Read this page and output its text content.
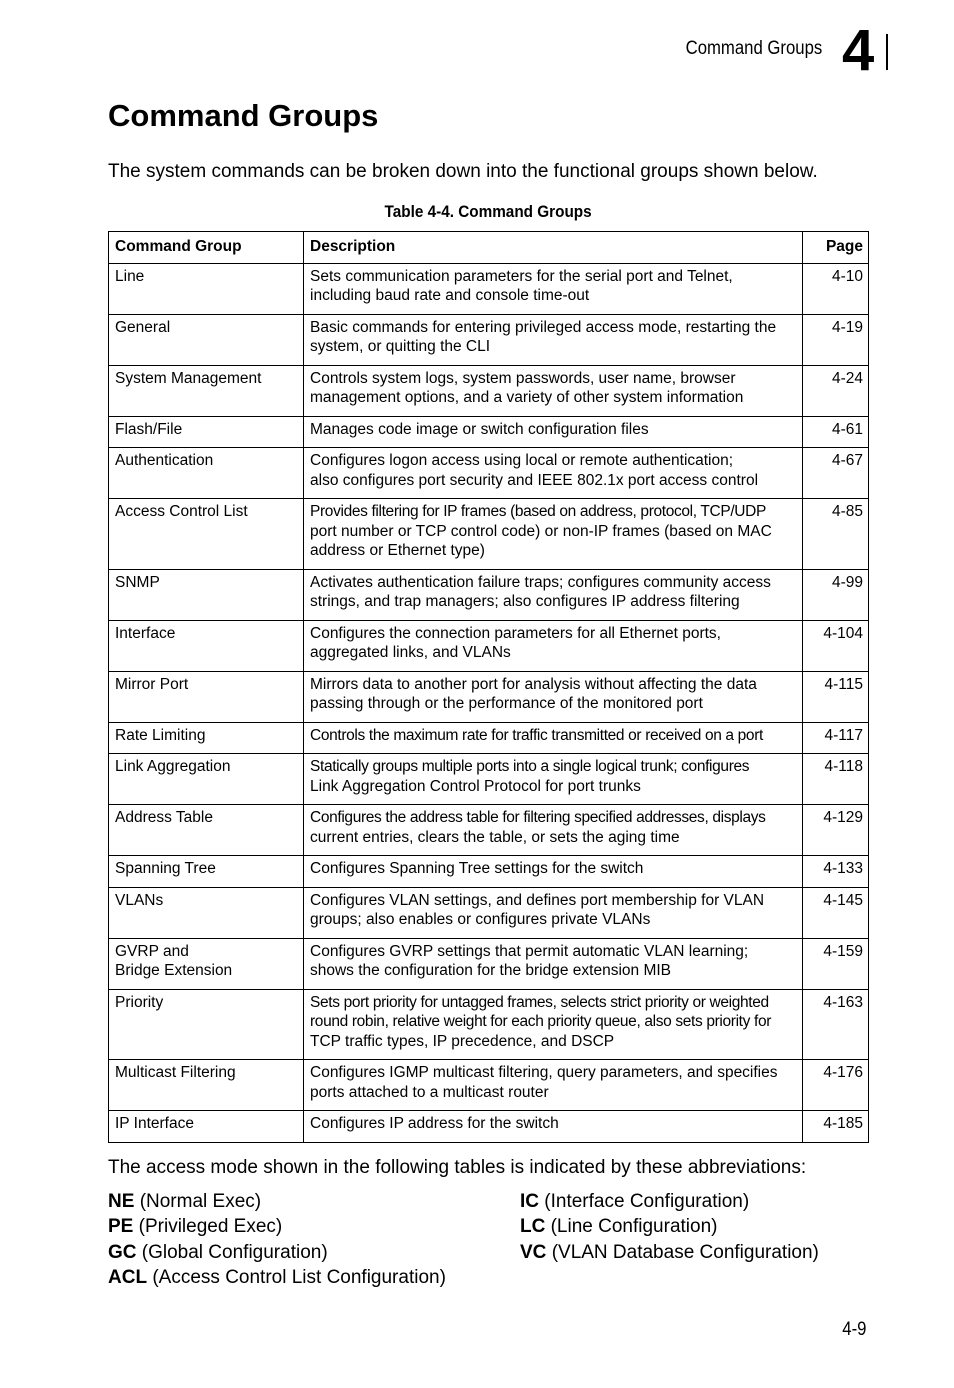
Command Groups 4
Command Groups

The system commands can be broken down into the functional groups shown below.

Table 4-4. Command Groups
Command Group	Description	Page

Line	Sets communication parameters for the serial port and Telnet,
including baud rate and console time-out	4-10

General	Basic commands for entering privileged access mode, restarting the
system, or quitting the CLI	4-19

System Management	Controls system logs, system passwords, user name, browser
management options, and a variety of other system information	4-24

Flash/File	Manages code image or switch configuration files	4-61

Authentication	Configures logon access using local or remote authentication;
also configures port security and IEEE 802.1x port access control	4-67

Access Control List	Provides filtering for IP frames (based on address, protocol, TCP/UDP
port number or TCP control code) or non-IP frames (based on MAC
address or Ethernet type)	4-85

SNMP	Activates authentication failure traps; configures community access
strings, and trap managers; also configures IP address filtering	4-99

Interface	Configures the connection parameters for all Ethernet ports,
aggregated links, and VLANs	4-104

Mirror Port	Mirrors data to another port for analysis without affecting the data
passing through or the performance of the monitored port	4-115

Rate Limiting	Controls the maximum rate for traffic transmitted or received on a port	4-117

Link Aggregation	Statically groups multiple ports into a single logical trunk; configures
Link Aggregation Control Protocol for port trunks	4-118

Address Table	Configures the address table for filtering specified addresses, displays
current entries, clears the table, or sets the aging time	4-129

Spanning Tree	Configures Spanning Tree settings for the switch	4-133

VLANs	Configures VLAN settings, and defines port membership for VLAN
groups; also enables or configures private VLANs	4-145

GVRP and
Bridge Extension	Configures GVRP settings that permit automatic VLAN learning;
shows the configuration for the bridge extension MIB	4-159

Priority	Sets port priority for untagged frames, selects strict priority or weighted
round robin, relative weight for each priority queue, also sets priority for
TCP traffic types, IP precedence, and DSCP	4-163

Multicast Filtering	Configures IGMP multicast filtering, query parameters, and specifies
ports attached to a multicast router	4-176

IP Interface	Configures IP address for the switch	4-185

The access mode shown in the following tables is indicated by these abbreviations:

NE (Normal Exec)
PE (Privileged Exec)
GC (Global Configuration)
ACL (Access Control List Configuration)
IC (Interface Configuration)
LC (Line Configuration)
VC (VLAN Database Configuration)
4-9
